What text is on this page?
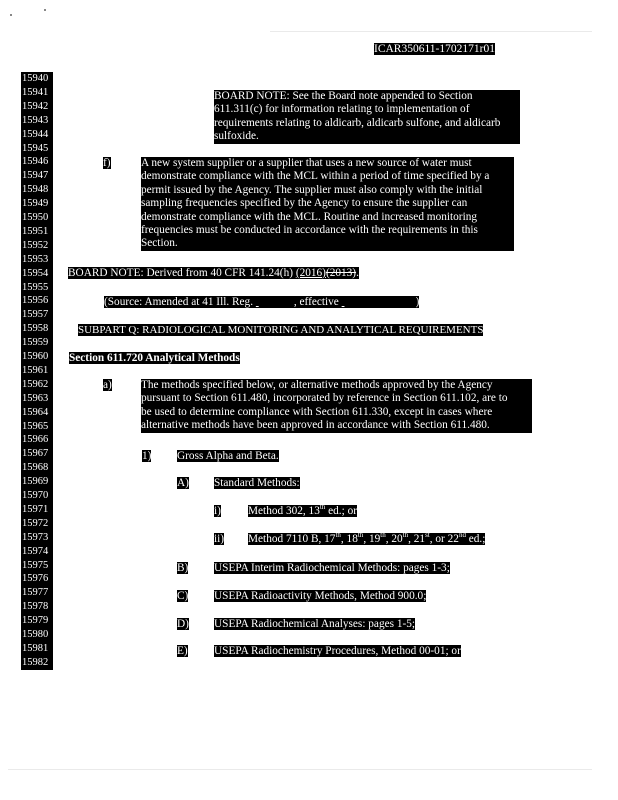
ICAR350611-1702171r01
15940
15941
15942
15943
15944
15945
15946
15947
15948
15949
15950
15951
15952
15953
15954
15955
15956
15957
15958
15959
15960
15961
15962
15963
15964
15965
15966
15967
15968
15969
15970
15971
15972
15973
15974
15975
15976
15977
15978
15979
15980
15981
15982
BOARD NOTE: See the Board note appended to Section
611.311(c) for information relating to implementation of
requirements relating to aldicarb, aldicarb sulfone, and aldicarb
sulfoxide.
f)	A new system supplier or a supplier that uses a new source of water must
demonstrate compliance with the MCL within a period of time specified by a
permit issued by the Agency. The supplier must also comply with the initial
sampling frequencies specified by the Agency to ensure the supplier can
demonstrate compliance with the MCL. Routine and increased monitoring
frequencies must be conducted in accordance with the requirements in this
Section.
BOARD NOTE: Derived from 40 CFR 141.24(h) (2016)(2013).
(Source: Amended at 41 Ill. Reg.	, effective	)
SUBPART Q: RADIOLOGICAL MONITORING AND ANALYTICAL REQUIREMENTS
Section 611.720 Analytical Methods
a)	The methods specified below, or alternative methods approved by the Agency
pursuant to Section 611.480, incorporated by reference in Section 611.102, are to
be used to determine compliance with Section 611.330, except in cases where
alternative methods have been approved in accordance with Section 611.480.
1) Gross Alpha and Beta.
A) Standard Methods:
i) Method 302, 13th ed.; or
ii) Method 7110 B, 17th, 18th, 19th, 20th, 21st, or 22nd ed.;
B) USEPA Interim Radiochemical Methods: pages 1-3;
C) USEPA Radioactivity Methods, Method 900.0;
D) USEPA Radiochemical Analyses: pages 1-5;
E) USEPA Radiochemistry Procedures, Method 00-01; or
